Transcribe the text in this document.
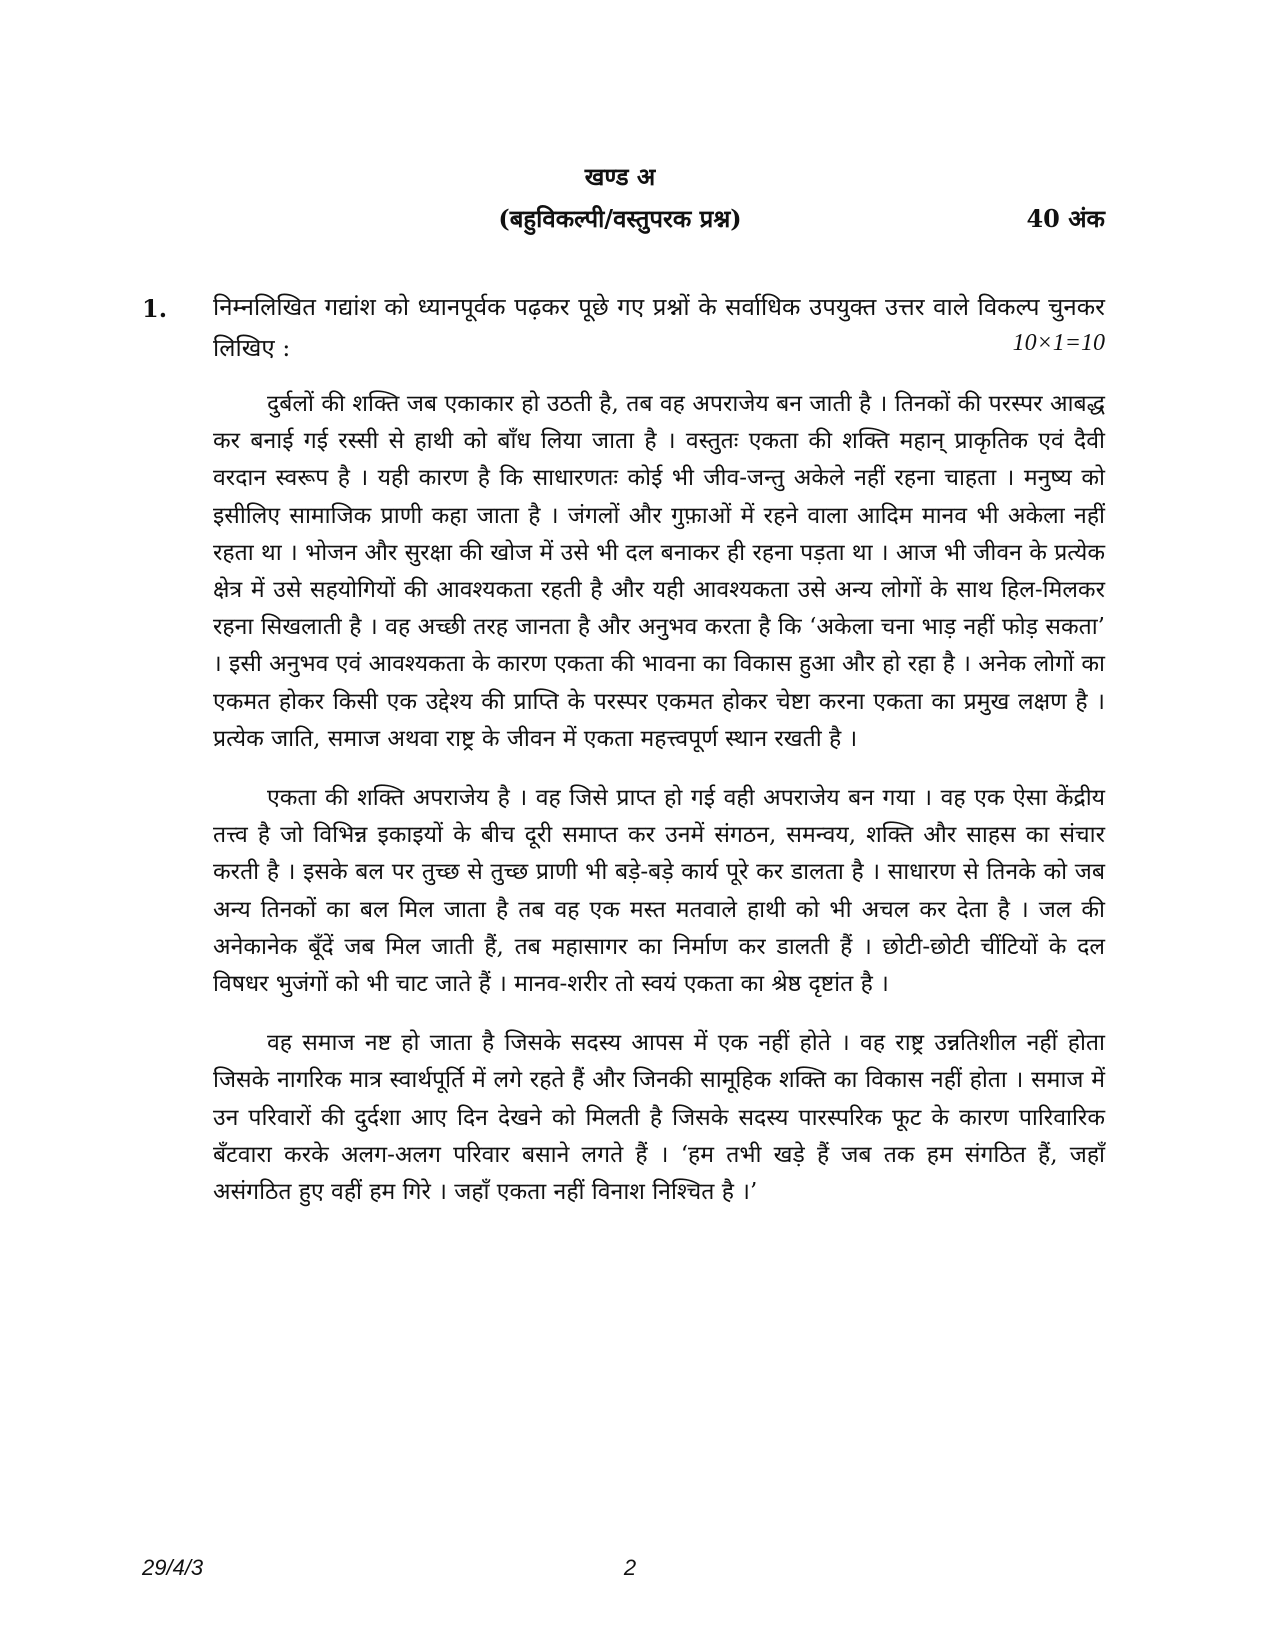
खण्ड अ
(बहुविकल्पी/वस्तुपरक प्रश्न)	40 अंक
1. निम्नलिखित गद्यांश को ध्यानपूर्वक पढ़कर पूछे गए प्रश्नों के सर्वाधिक उपयुक्त उत्तर वाले विकल्प चुनकर लिखिए :	10×1=10

दुर्बलों की शक्ति जब एकाकार हो उठती है, तब वह अपराजेय बन जाती है । तिनकों की परस्पर आबद्ध कर बनाई गई रस्सी से हाथी को बाँध लिया जाता है । वस्तुतः एकता की शक्ति महान् प्राकृतिक एवं दैवी वरदान स्वरूप है । यही कारण है कि साधारणतः कोई भी जीव-जन्तु अकेले नहीं रहना चाहता । मनुष्य को इसीलिए सामाजिक प्राणी कहा जाता है । जंगलों और गुफ़ाओं में रहने वाला आदिम मानव भी अकेला नहीं रहता था । भोजन और सुरक्षा की खोज में उसे भी दल बनाकर ही रहना पड़ता था । आज भी जीवन के प्रत्येक क्षेत्र में उसे सहयोगियों की आवश्यकता रहती है और यही आवश्यकता उसे अन्य लोगों के साथ हिल-मिलकर रहना सिखलाती है । वह अच्छी तरह जानता है और अनुभव करता है कि ‘अकेला चना भाड़ नहीं फोड़ सकता’ । इसी अनुभव एवं आवश्यकता के कारण एकता की भावना का विकास हुआ और हो रहा है । अनेक लोगों का एकमत होकर किसी एक उद्देश्य की प्राप्ति के परस्पर एकमत होकर चेष्टा करना एकता का प्रमुख लक्षण है । प्रत्येक जाति, समाज अथवा राष्ट्र के जीवन में एकता महत्त्वपूर्ण स्थान रखती है ।

एकता की शक्ति अपराजेय है । वह जिसे प्राप्त हो गई वही अपराजेय बन गया । वह एक ऐसा केंद्रीय तत्त्व है जो विभिन्न इकाइयों के बीच दूरी समाप्त कर उनमें संगठन, समन्वय, शक्ति और साहस का संचार करती है । इसके बल पर तुच्छ से तुच्छ प्राणी भी बड़े-बड़े कार्य पूरे कर डालता है । साधारण से तिनके को जब अन्य तिनकों का बल मिल जाता है तब वह एक मस्त मतवाले हाथी को भी अचल कर देता है । जल की अनेकानेक बूँदें जब मिल जाती हैं, तब महासागर का निर्माण कर डालती हैं । छोटी-छोटी चींटियों के दल विषधर भुजंगों को भी चाट जाते हैं । मानव-शरीर तो स्वयं एकता का श्रेष्ठ दृष्टांत है ।

वह समाज नष्ट हो जाता है जिसके सदस्य आपस में एक नहीं होते । वह राष्ट्र उन्नतिशील नहीं होता जिसके नागरिक मात्र स्वार्थपूर्ति में लगे रहते हैं और जिनकी सामूहिक शक्ति का विकास नहीं होता । समाज में उन परिवारों की दुर्दशा आए दिन देखने को मिलती है जिसके सदस्य पारस्परिक फूट के कारण पारिवारिक बँटवारा करके अलग-अलग परिवार बसाने लगते हैं । ‘हम तभी खड़े हैं जब तक हम संगठित हैं, जहाँ असंगठित हुए वहीं हम गिरे । जहाँ एकता नहीं विनाश निश्चित है ।’

29/4/3	2
